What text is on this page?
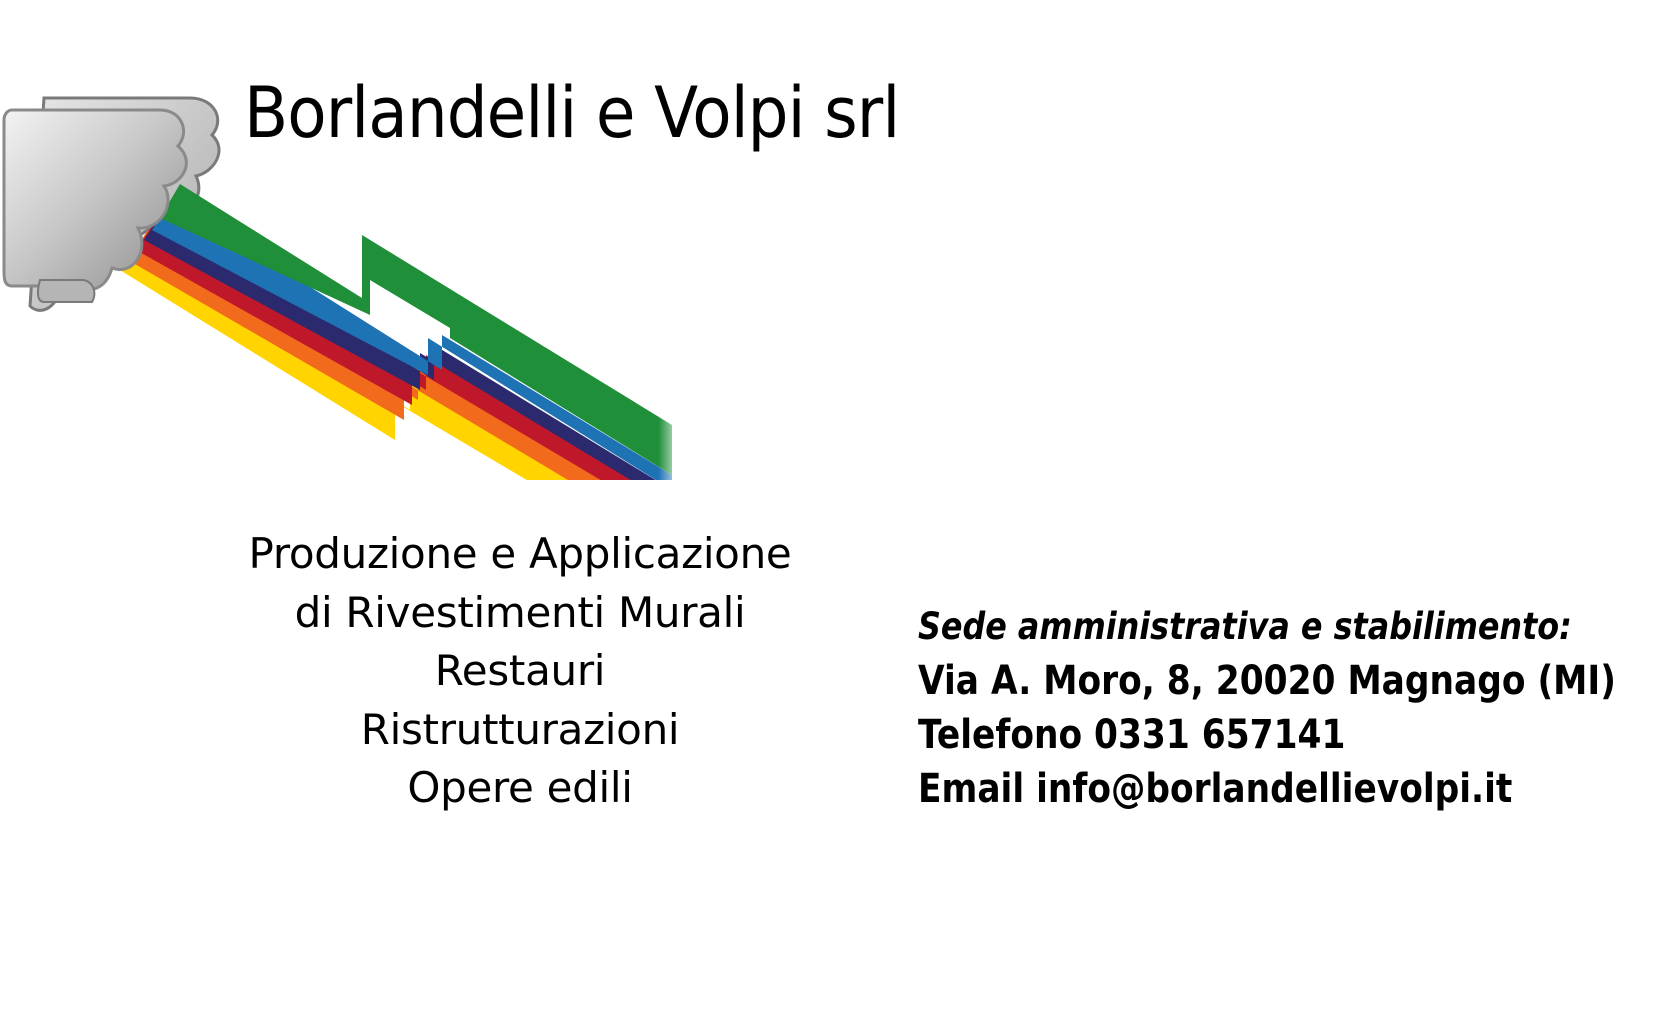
Borlandelli e Volpi srl
Produzione e Applicazione
di Rivestimenti Murali
Restauri
Ristrutturazioni
Opere edili
Sede amministrativa e stabilimento:
Via A. Moro, 8, 20020 Magnago (MI)
Telefono 0331 657141
Email info@borlandellievolpi.it
